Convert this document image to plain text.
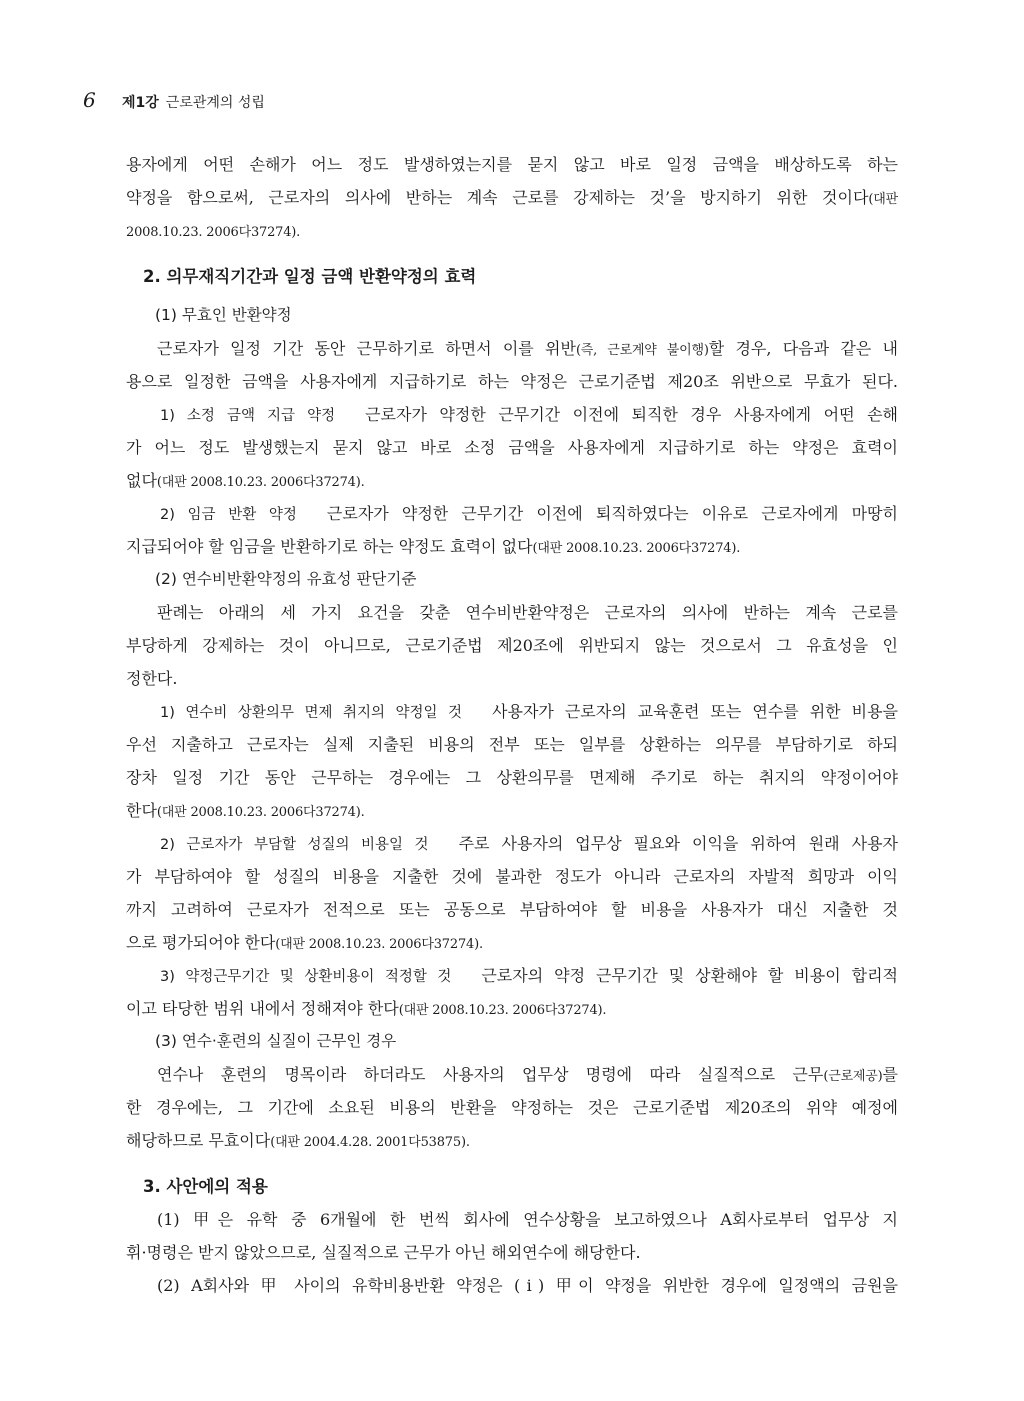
6	제1강 근로관계의 성립
용자에게 어떤 손해가 어느 정도 발생하였는지를 묻지 않고 바로 일정 금액을 배상하도록 하는
약정을 함으로써, 근로자의 의사에 반하는 계속 근로를 강제하는 것’을 방지하기 위한 것이다(대판
2008.10.23. 2006다37274).
2. 의무재직기간과 일정 금액 반환약정의 효력
(1) 무효인 반환약정
근로자가 일정 기간 동안 근무하기로 하면서 이를 위반(즉, 근로계약 불이행)할 경우, 다음과 같은 내
용으로 일정한 금액을 사용자에게 지급하기로 하는 약정은 근로기준법 제20조 위반으로 무효가 된다.
1) 소정 금액 지급 약정 근로자가 약정한 근무기간 이전에 퇴직한 경우 사용자에게 어떤 손해
가 어느 정도 발생했는지 묻지 않고 바로 소정 금액을 사용자에게 지급하기로 하는 약정은 효력이
없다(대판 2008.10.23. 2006다37274).
2) 임금 반환 약정 근로자가 약정한 근무기간 이전에 퇴직하였다는 이유로 근로자에게 마땅히
지급되어야 할 임금을 반환하기로 하는 약정도 효력이 없다(대판 2008.10.23. 2006다37274).
(2) 연수비반환약정의 유효성 판단기준
판례는 아래의 세 가지 요건을 갖춘 연수비반환약정은 근로자의 의사에 반하는 계속 근로를
부당하게 강제하는 것이 아니므로, 근로기준법 제20조에 위반되지 않는 것으로서 그 유효성을 인
정한다.
1) 연수비 상환의무 면제 취지의 약정일 것 사용자가 근로자의 교육훈련 또는 연수를 위한 비용을
우선 지출하고 근로자는 실제 지출된 비용의 전부 또는 일부를 상환하는 의무를 부담하기로 하되
장차 일정 기간 동안 근무하는 경우에는 그 상환의무를 면제해 주기로 하는 취지의 약정이어야
한다(대판 2008.10.23. 2006다37274).
2) 근로자가 부담할 성질의 비용일 것 주로 사용자의 업무상 필요와 이익을 위하여 원래 사용자
가 부담하여야 할 성질의 비용을 지출한 것에 불과한 정도가 아니라 근로자의 자발적 희망과 이익
까지 고려하여 근로자가 전적으로 또는 공동으로 부담하여야 할 비용을 사용자가 대신 지출한 것
으로 평가되어야 한다(대판 2008.10.23. 2006다37274).
3) 약정근무기간 및 상환비용이 적정할 것 근로자의 약정 근무기간 및 상환해야 할 비용이 합리적
이고 타당한 범위 내에서 정해져야 한다(대판 2008.10.23. 2006다37274).
(3) 연수·훈련의 실질이 근무인 경우
연수나 훈련의 명목이라 하더라도 사용자의 업무상 명령에 따라 실질적으로 근무(근로제공)를
한 경우에는, 그 기간에 소요된 비용의 반환을 약정하는 것은 근로기준법 제20조의 위약 예정에
해당하므로 무효이다(대판 2004.4.28. 2001다53875).
3. 사안에의 적용
(1) 甲은 유학 중 6개월에 한 번씩 회사에 연수상황을 보고하였으나 A회사로부터 업무상 지
휘·명령은 받지 않았으므로, 실질적으로 근무가 아닌 해외연수에 해당한다.
(2) A회사와 甲 사이의 유학비용반환 약정은 (ⅰ) 甲이 약정을 위반한 경우에 일정액의 금원을
